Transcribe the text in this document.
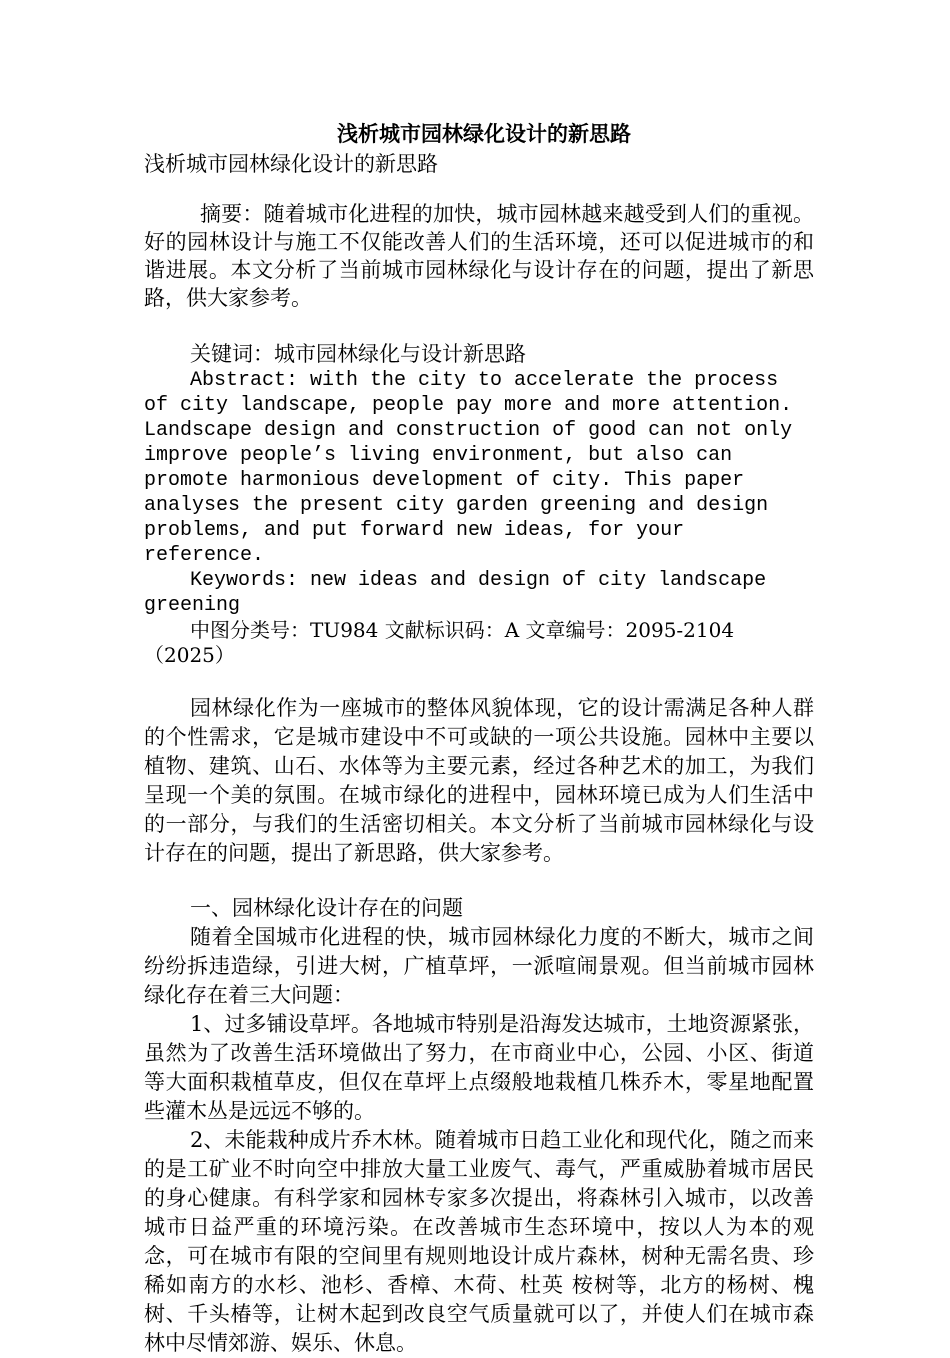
浅析城市园林绿化设计的新思路

浅析城市园林绿化设计的新思路

摘要：随着城市化进程的加快，城市园林越来越受到人们的重视。好的园林设计与施工不仅能改善人们的生活环境，还可以促进城市的和谐进展。本文分析了当前城市园林绿化与设计存在的问题，提出了新思路，供大家参考。

关键词：城市园林绿化与设计新思路

Abstract: with the city to accelerate the process of city landscape, people pay more and more attention. Landscape design and construction of good can not only improve people’s living environment, but also can promote harmonious development of city. This paper analyses the present city garden greening and design problems, and put forward new ideas, for your reference.

Keywords: new ideas and design of city landscape greening

中图分类号：TU984 文献标识码：A 文章编号：2095-2104（2025）

园林绿化作为一座城市的整体风貌体现，它的设计需满足各种人群的个性需求，它是城市建设中不可或缺的一项公共设施。园林中主要以植物、建筑、山石、水体等为主要元素，经过各种艺术的加工，为我们呈现一个美的氛围。在城市绿化的进程中，园林环境已成为人们生活中的一部分，与我们的生活密切相关。本文分析了当前城市园林绿化与设计存在的问题，提出了新思路，供大家参考。

一、园林绿化设计存在的问题

随着全国城市化进程的快，城市园林绿化力度的不断大，城市之间纷纷拆违造绿，引进大树，广植草坪，一派喧闹景观。但当前城市园林绿化存在着三大问题：

1、过多铺设草坪。各地城市特别是沿海发达城市，土地资源紧张，虽然为了改善生活环境做出了努力，在市商业中心，公园、小区、街道等大面积栽植草皮，但仅在草坪上点缀般地栽植几株乔木，零星地配置些灌木丛是远远不够的。

2、未能栽种成片乔木林。随着城市日趋工业化和现代化，随之而来的是工矿业不时向空中排放大量工业废气、毒气，严重威胁着城市居民的身心健康。有科学家和园林专家多次提出，将森林引入城市，以改善城市日益严重的环境污染。在改善城市生态环境中，按以人为本的观念，可在城市有限的空间里有规则地设计成片森林，树种无需名贵、珍稀如南方的水杉、池杉、香樟、木荷、杜英 桉树等，北方的杨树、槐树、千头椿等，让树木起到改良空气质量就可以了，并使人们在城市森林中尽情郊游、娱乐、休息。
